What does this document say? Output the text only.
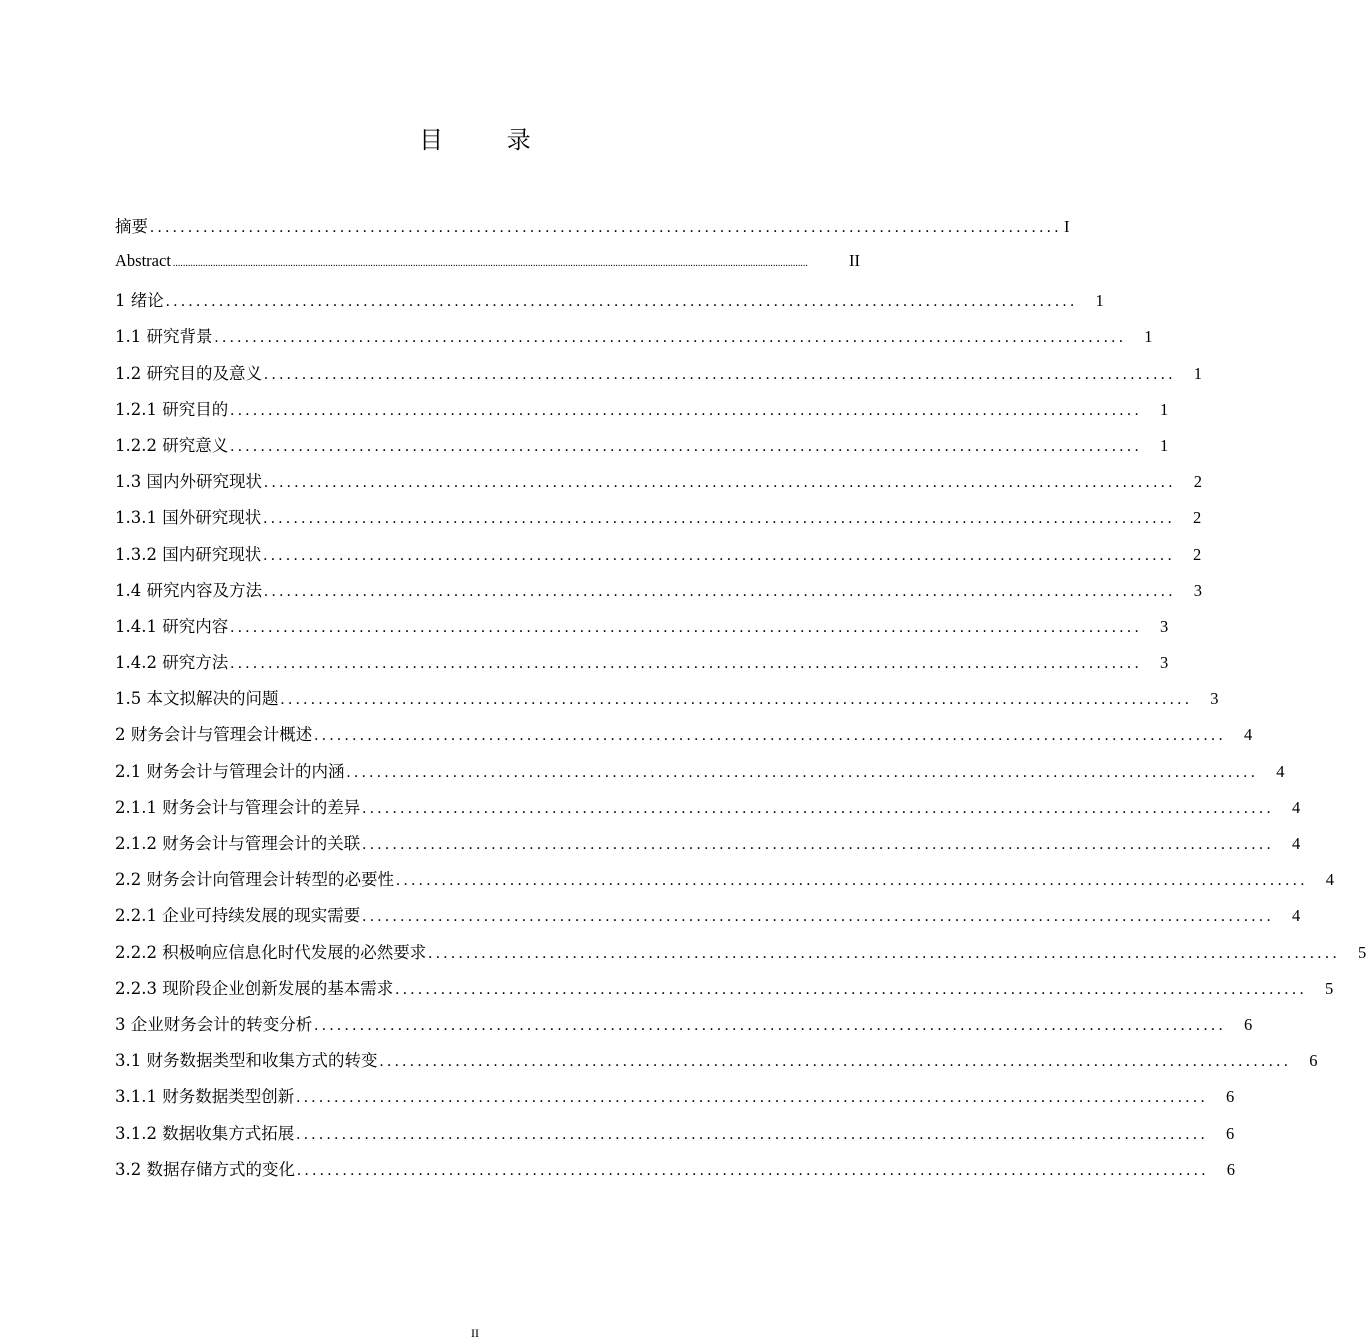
目 录
摘要 ........................................................................................................................ I
Abstract ..............................................................................................................................................................................................................................................................	II
1 绪论 ........................................................................................................................	1
1.1 研究背景 ........................................................................................................................	1
1.2 研究目的及意义 ........................................................................................................................	1
1.2.1 研究目的 ........................................................................................................................	1
1.2.2 研究意义 ........................................................................................................................	1
1.3 国内外研究现状 ........................................................................................................................	2
1.3.1 国外研究现状 ........................................................................................................................	2
1.3.2 国内研究现状 ........................................................................................................................	2
1.4 研究内容及方法 ........................................................................................................................	3
1.4.1 研究内容 ........................................................................................................................	3
1.4.2 研究方法 ........................................................................................................................	3
1.5 本文拟解决的问题 ........................................................................................................................	3
2 财务会计与管理会计概述 ........................................................................................................................	4
2.1 财务会计与管理会计的内涵 ........................................................................................................................	4
2.1.1 财务会计与管理会计的差异 ........................................................................................................................	4
2.1.2 财务会计与管理会计的关联 ........................................................................................................................	4
2.2 财务会计向管理会计转型的必要性 ........................................................................................................................	4
2.2.1 企业可持续发展的现实需要 ........................................................................................................................	4
2.2.2 积极响应信息化时代发展的必然要求 ........................................................................................................................	5
2.2.3 现阶段企业创新发展的基本需求 ........................................................................................................................	5
3 企业财务会计的转变分析 ........................................................................................................................	6
3.1 财务数据类型和收集方式的转变 ........................................................................................................................	6
3.1.1 财务数据类型创新 ........................................................................................................................	6
3.1.2 数据收集方式拓展 ........................................................................................................................	6
3.2 数据存储方式的变化 ........................................................................................................................	6
II
